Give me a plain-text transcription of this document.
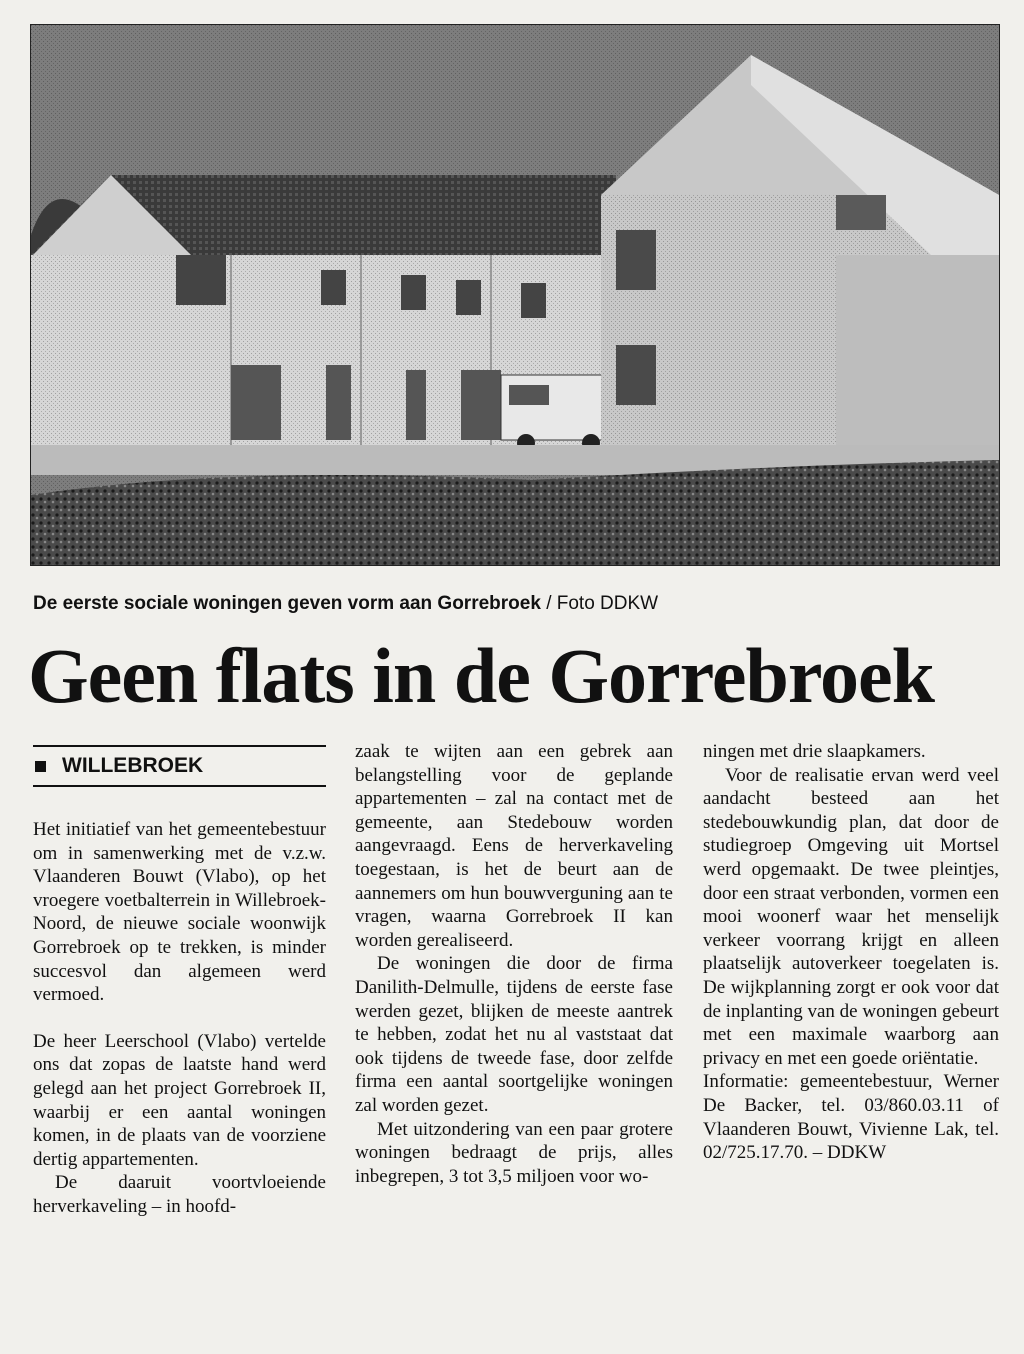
De eerste sociale woningen geven vorm aan Gorrebroek / Foto DDKW
Geen flats in de Gorrebroek
WILLEBROEK

Het initiatief van het gemeentebestuur om in samenwerking met de v.z.w. Vlaanderen Bouwt (Vlabo), op het vroegere voetbalterrein in Willebroek-Noord, de nieuwe sociale woonwijk Gorrebroek op te trekken, is minder succesvol dan algemeen werd vermoed.

De heer Leerschool (Vlabo) vertelde ons dat zopas de laatste hand werd gelegd aan het project Gorrebroek II, waarbij er een aantal woningen komen, in de plaats van de voorziene dertig appartementen.

De daaruit voortvloeiende herverkaveling – in hoofd-

zaak te wijten aan een gebrek aan belangstelling voor de geplande appartementen – zal na contact met de gemeente, aan Stedebouw worden aangevraagd. Eens de herverkaveling toegestaan, is het de beurt aan de aannemers om hun bouwverguning aan te vragen, waarna Gorrebroek II kan worden gerealiseerd.

De woningen die door de firma Danilith-Delmulle, tijdens de eerste fase werden gezet, blijken de meeste aantrek te hebben, zodat het nu al vaststaat dat ook tijdens de tweede fase, door zelfde firma een aantal soortgelijke woningen zal worden gezet.

Met uitzondering van een paar grotere woningen bedraagt de prijs, alles inbegrepen, 3 tot 3,5 miljoen voor wo-

ningen met drie slaapkamers.

Voor de realisatie ervan werd veel aandacht besteed aan het stedebouwkundig plan, dat door de studiegroep Omgeving uit Mortsel werd opgemaakt. De twee pleintjes, door een straat verbonden, vormen een mooi woonerf waar het menselijk verkeer voorrang krijgt en alleen plaatselijk autoverkeer toegelaten is. De wijkplanning zorgt er ook voor dat de inplanting van de woningen gebeurt met een maximale waarborg aan privacy en met een goede oriëntatie.

Informatie: gemeentebestuur, Werner De Backer, tel. 03/860.03.11 of Vlaanderen Bouwt, Vivienne Lak, tel. 02/725.17.70. – DDKW
